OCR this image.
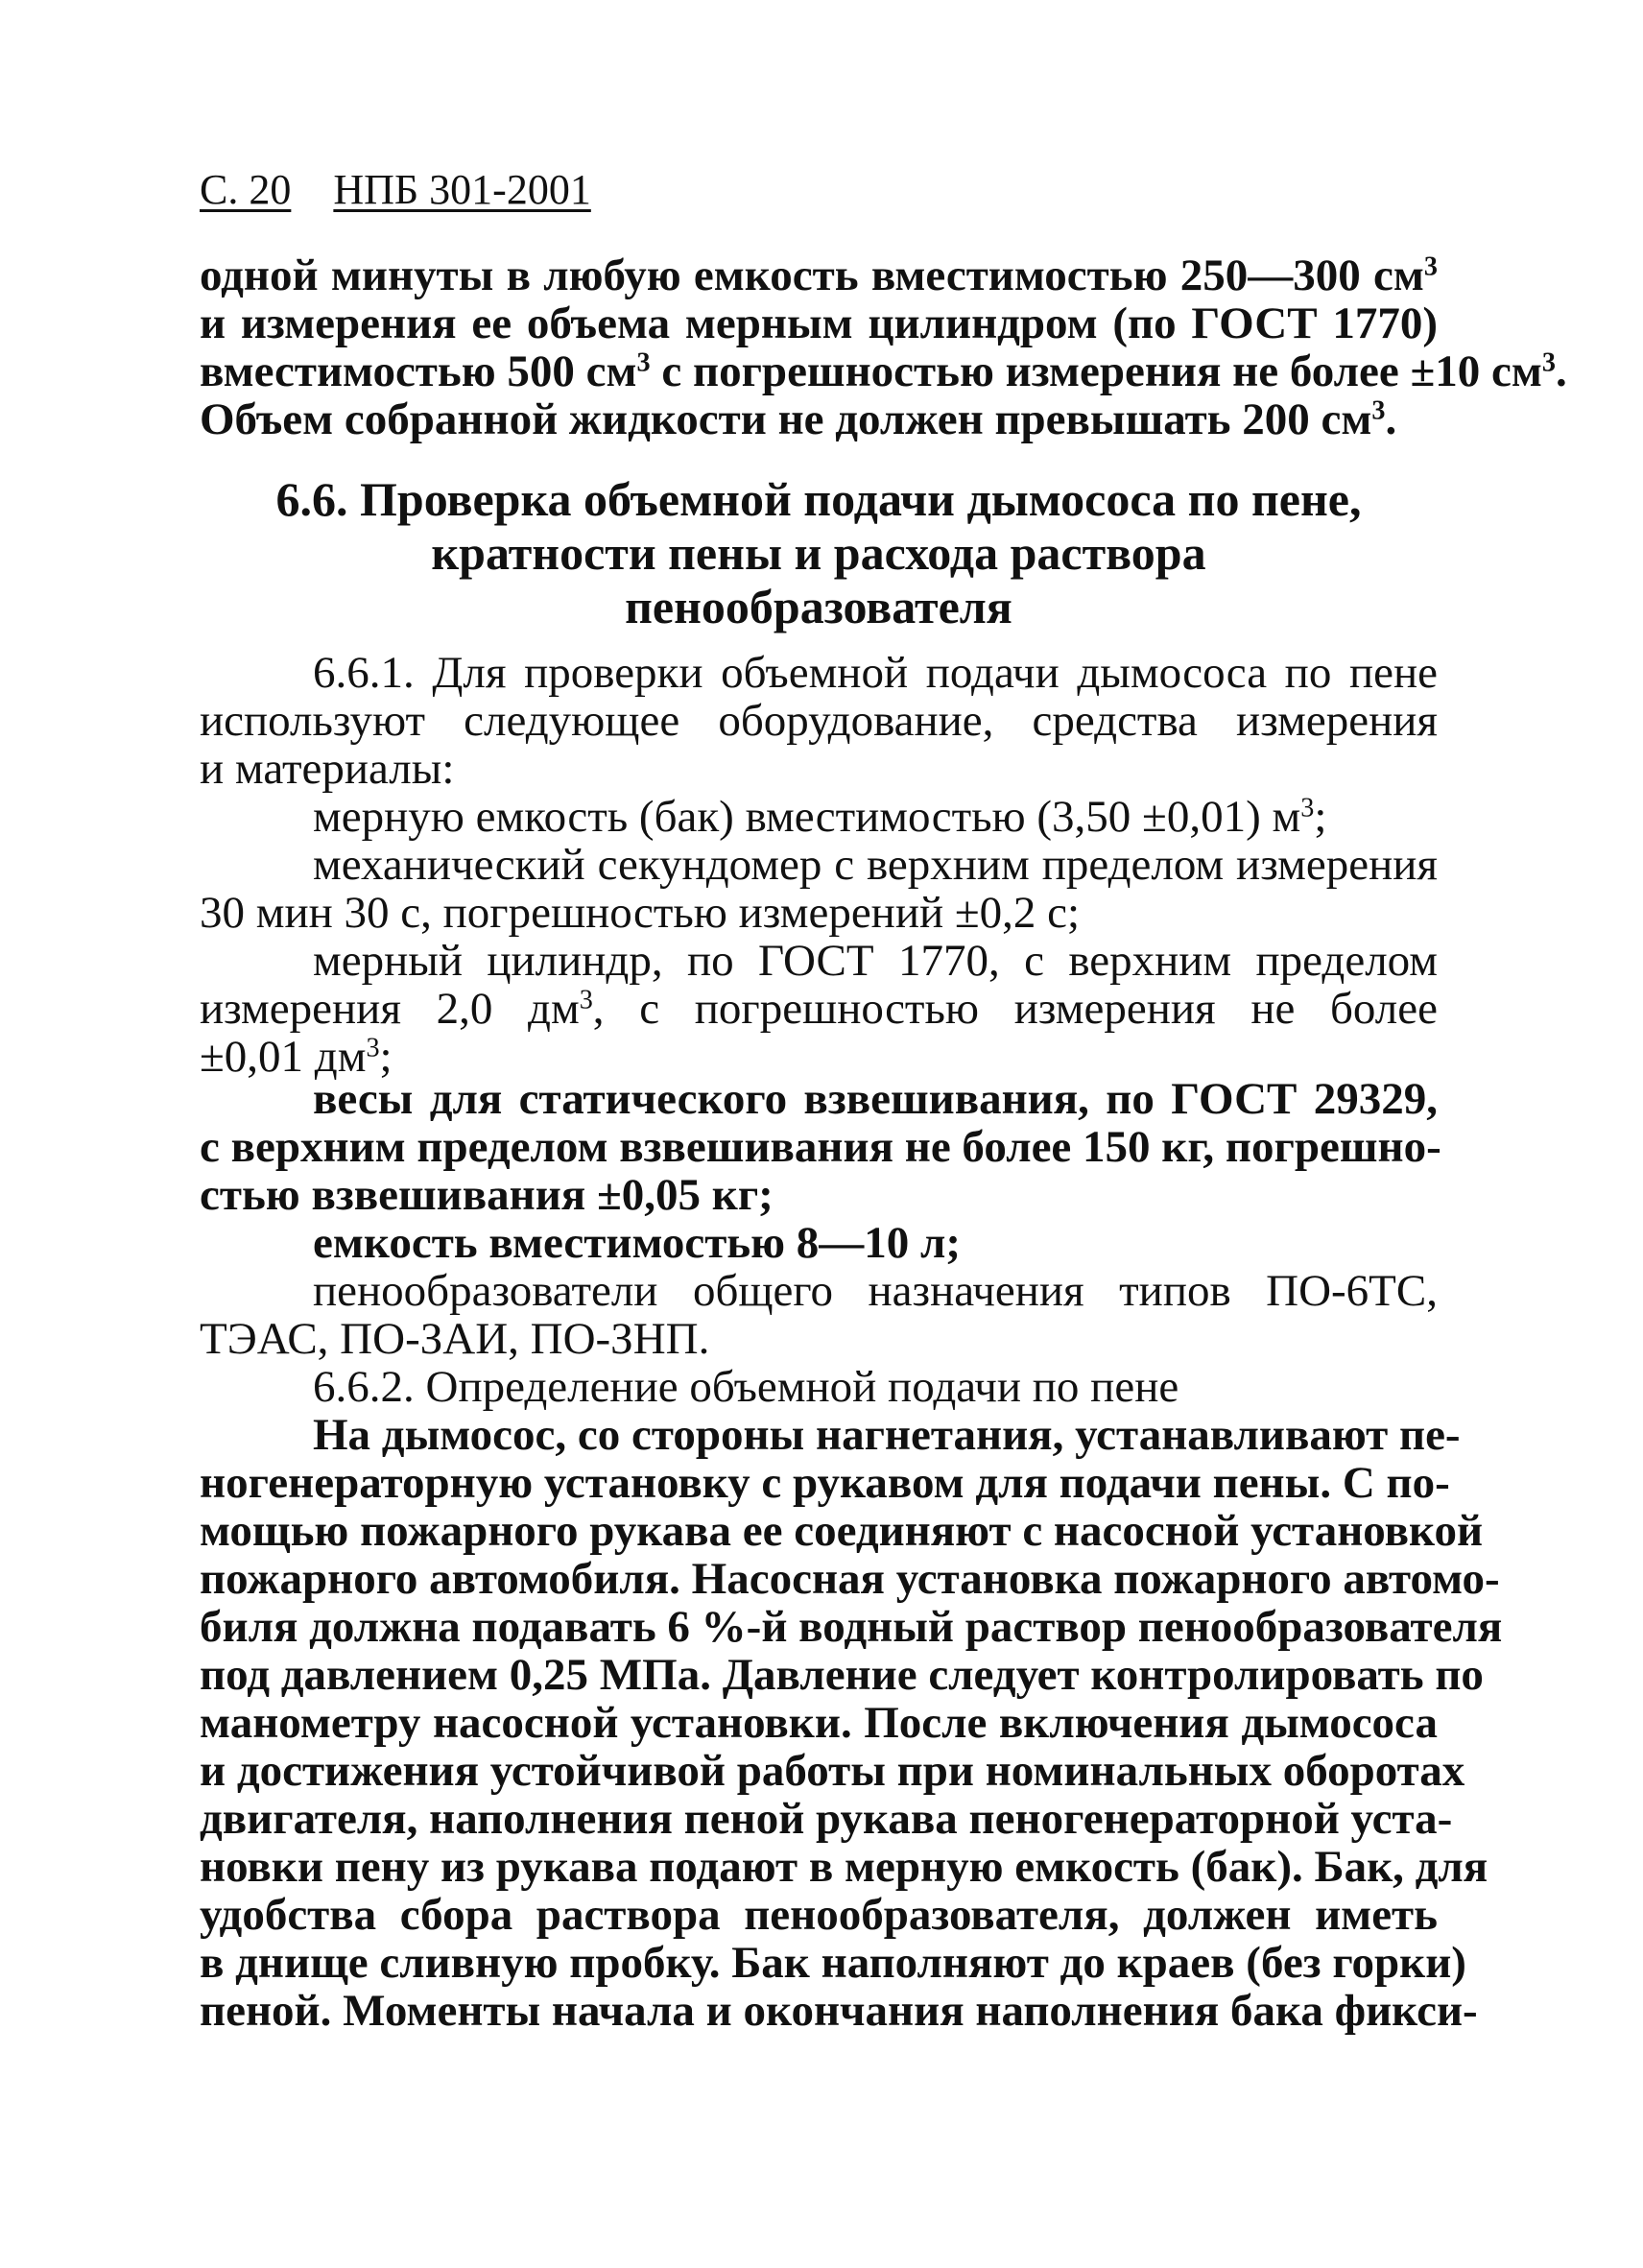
С. 20 НПБ 301-2001
одной минуты в любую емкость вместимостью 250—300 $см^3$
и измерения ее объема мерным цилиндром (по ГОСТ 1770)
вместимостью 500 $см^3$ с погрешностью измерения не более ±10 $см^3$.
Объем собранной жидкости не должен превышать 200 $см^3$.
6.6. Проверка объемной подачи дымососа по пене,
кратности пены и расхода раствора
пенообразователя
6.6.1. Для проверки объемной подачи дымососа по пене
используют следующее оборудование, средства измерения
и материалы:
мерную емкость (бак) вместимостью (3,50 ±0,01) $м^3$;
механический секундомер с верхним пределом измерения
30 мин 30 с, погрешностью измерений ±0,2 с;
мерный цилиндр, по ГОСТ 1770, с верхним пределом
измерения 2,0 $дм^3$, с погрешностью измерения не более
±0,01 $дм^3$;
весы для статического взвешивания, по ГОСТ 29329,
с верхним пределом взвешивания не более 150 кг, погрешно-
стью взвешивания ±0,05 кг;
емкость вместимостью 8—10 л;
пенообразователи общего назначения типов ПО-6ТС,
ТЭАС, ПО-ЗАИ, ПО-ЗНП.
6.6.2. Определение объемной подачи по пене
На дымосос, со стороны нагнетания, устанавливают пе-
ногенераторную установку с рукавом для подачи пены. С по-
мощью пожарного рукава ее соединяют с насосной установкой
пожарного автомобиля. Насосная установка пожарного автомо-
биля должна подавать 6 %-й водный раствор пенообразователя
под давлением 0,25 МПа. Давление следует контролировать по
манометру насосной установки. После включения дымососа
и достижения устойчивой работы при номинальных оборотах
двигателя, наполнения пеной рукава пеногенераторной уста-
новки пену из рукава подают в мерную емкость (бак). Бак, для
удобства сбора раствора пенообразователя, должен иметь
в днище сливную пробку. Бак наполняют до краев (без горки)
пеной. Моменты начала и окончания наполнения бака фикси-
